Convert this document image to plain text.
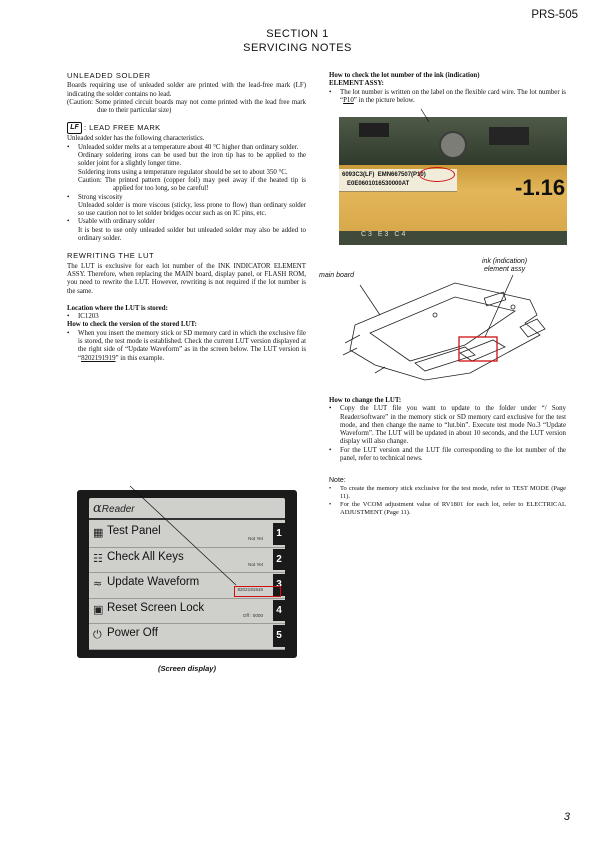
PRS-505
SECTION 1
SERVICING NOTES
UNLEADED SOLDER

Boards requiring use of unleaded solder are printed with the lead-free mark (LF) indicating the solder contains no lead.

(Caution: Some printed circuit boards may not come printed with the lead free mark due to their particular size)

LF : LEAD FREE MARK

Unleaded solder has the following characteristics.

•	Unleaded solder melts at a temperature about 40 °C higher than ordinary solder.

Ordinary soldering irons can be used but the iron tip has to be applied to the solder joint for a slightly longer time.

Soldering irons using a temperature regulator should be set to about 350 °C.

Caution: The printed pattern (copper foil) may peel away if the heated tip is applied for too long, so be careful!

•	Strong viscosity

Unleaded solder is more viscous (sticky, less prone to flow) than ordinary solder so use caution not to let solder bridges occur such as on IC pins, etc.

•	Usable with ordinary solder

It is best to use only unleaded solder but unleaded solder may also be added to ordinary solder.

REWRITING THE LUT

The LUT is exclusive for each lot number of the INK INDICATOR ELEMENT ASSY. Therefore, when replacing the MAIN board, display panel, or FLASH ROM, you need to rewrite the LUT. However, rewriting is not required if the lot number is the same.

Location where the LUT is stored:

•	IC1203

How to check the version of the stored LUT:

•	When you insert the memory stick or SD memory card in which the exclusive file is stored, the test mode is established. Check the current LUT version displayed at the right side of “Update Waveform” as in the screen below. The LUT version is “8202191919” in this example.
αReader
▦ Test Panel
Not Yet	1
☷ Check All Keys
Not Yet	2
≈ Update Waveform
8202191919	3
▣ Reset Screen Lock
Off : 0000	4
⏻ Power Off	5
(Screen display)

How to check the lot number of the ink (indication)

ELEMENT ASSY:

•	The lot number is written on the label on the flexible card wire. The lot number is “P10” in the picture below.
6093C3(LF) EMN667507(P10)
E0E0601016530000AT	-1.16
C3 E3 C4
main board
ink (indication)
element assy

How to change the LUT:

•	Copy the LUT file you want to update to the folder under “/ Sony Reader/software” in the memory stick or SD memory card exclusive for the test mode, and then change the name to “lut.bin”. Execute test mode No.3 “Update Waveform”. The LUT will be updated in about 10 seconds, and the LUT version display will also change.
•	For the LUT version and the LUT file corresponding to the lot number of the panel, refer to technical news.
Note:
•	To create the memory stick exclusive for the test mode, refer to TEST MODE (Page 11).
•	For the VCOM adjustment value of RV1801 for each lot, refer to ELECTRICAL ADJUSTMENT (Page 11).
3
